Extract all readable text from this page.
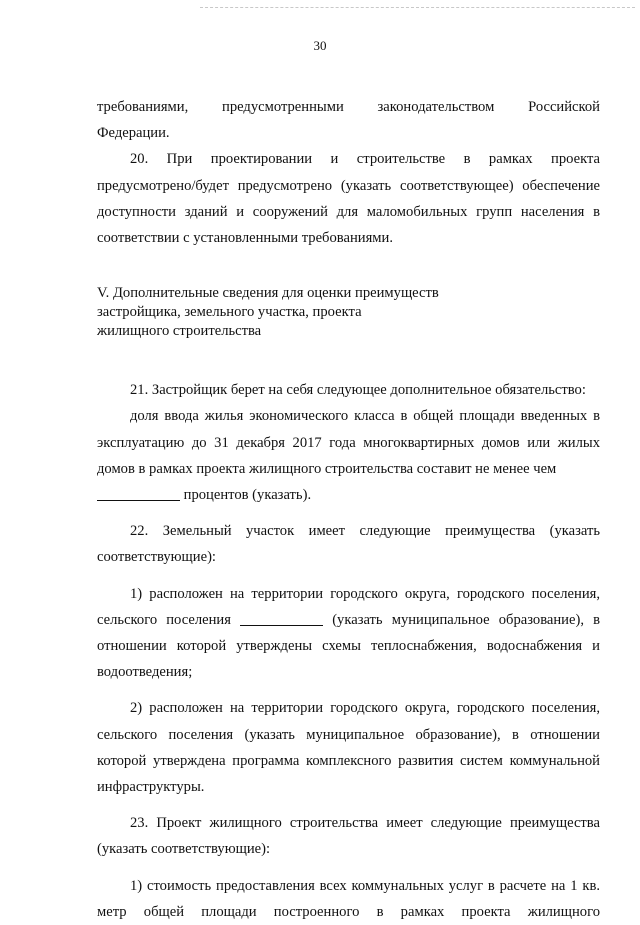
30

требованиями, предусмотренными законодательством Российской

Федерации.

20. При проектировании и строительстве в рамках проекта

предусмотрено/будет предусмотрено (указать соответствующее) обеспечение доступности зданий и сооружений для маломобильных групп населения в соответствии с установленными требованиями.

V. Дополнительные сведения для оценки преимуществ
застройщика, земельного участка, проекта
жилищного строительства

21. Застройщик берет на себя следующее дополнительное обязательство:

доля ввода жилья экономического класса в общей площади введенных в эксплуатацию до 31 декабря 2017 года многоквартирных домов или жилых домов в рамках проекта жилищного строительства составит не менее чем

процентов (указать).

22. Земельный участок имеет следующие преимущества (указать соответствующие):

1) расположен на территории городского округа, городского поселения,

сельского поселения	(указать муниципальное образование), в отношении которой утверждены схемы теплоснабжения, водоснабжения и водоотведения;

2) расположен на территории городского округа, городского поселения, сельского поселения (указать муниципальное образование), в отношении которой утверждена программа комплексного развития систем коммунальной инфраструктуры.

23. Проект жилищного строительства имеет следующие преимущества (указать соответствующие):

1) стоимость предоставления всех коммунальных услуг в расчете на 1 кв.

метр общей площади построенного в рамках проекта жилищного
